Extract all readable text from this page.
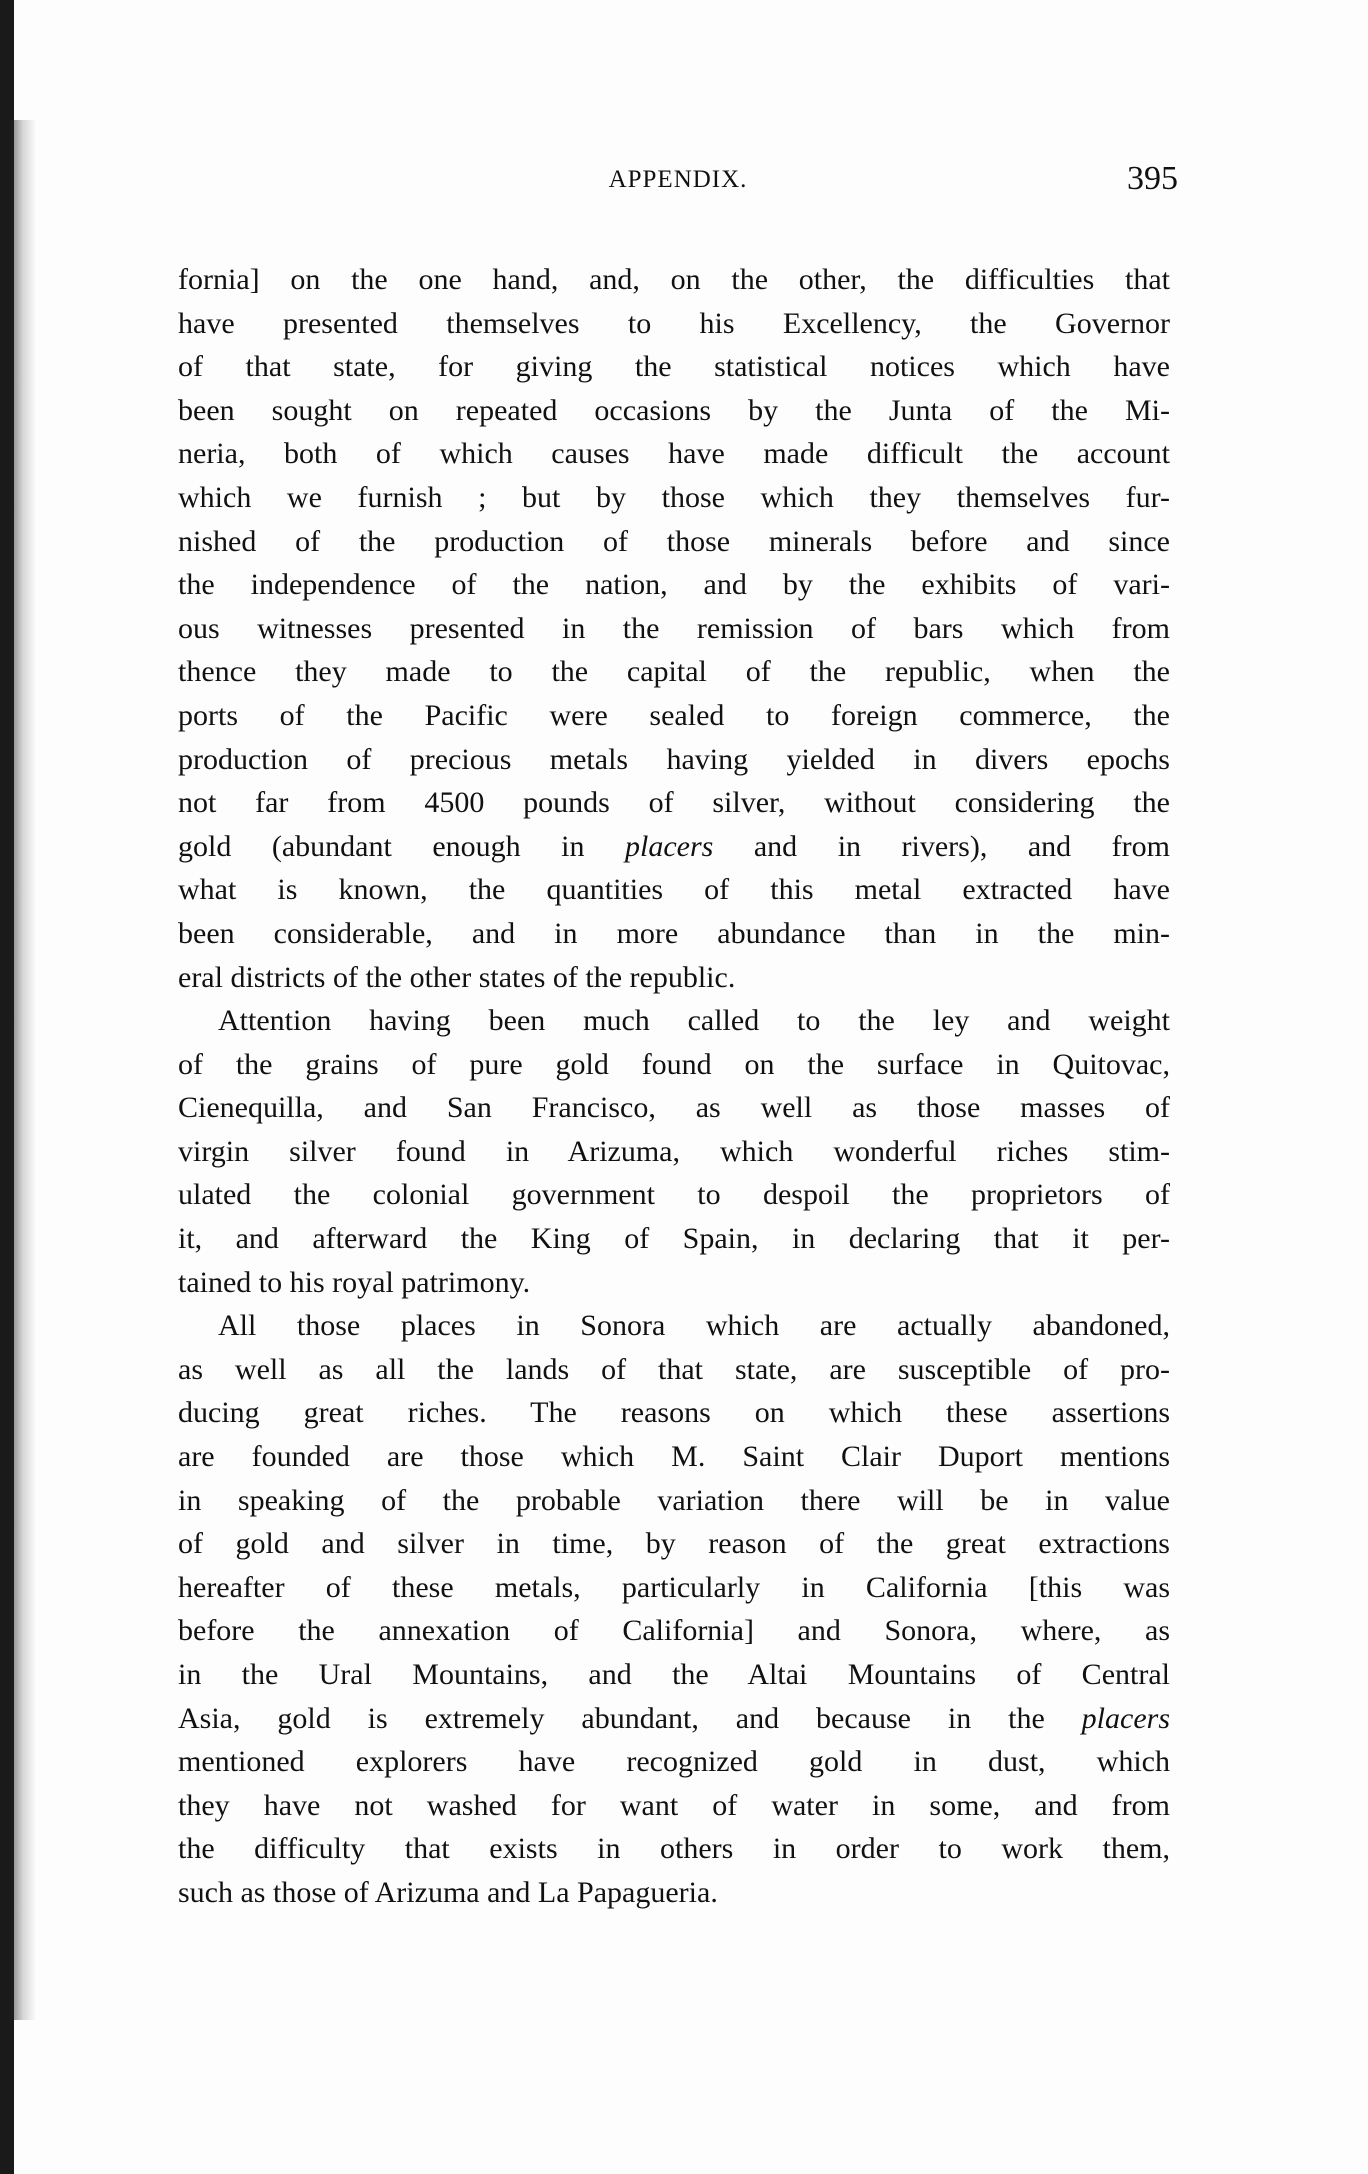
APPENDIX.	395
fornia] on the one hand, and, on the other, the difficulties that
have presented themselves to his Excellency, the Governor
of that state, for giving the statistical notices which have
been sought on repeated occasions by the Junta of the Mi-
neria, both of which causes have made difficult the account
which we furnish ; but by those which they themselves fur-
nished of the production of those minerals before and since
the independence of the nation, and by the exhibits of vari-
ous witnesses presented in the remission of bars which from
thence they made to the capital of the republic, when the
ports of the Pacific were sealed to foreign commerce, the
production of precious metals having yielded in divers epochs
not far from 4500 pounds of silver, without considering the
gold (abundant enough in placers and in rivers), and from
what is known, the quantities of this metal extracted have
been considerable, and in more abundance than in the min-
eral districts of the other states of the republic.
Attention having been much called to the ley and weight
of the grains of pure gold found on the surface in Quitovac,
Cienequilla, and San Francisco, as well as those masses of
virgin silver found in Arizuma, which wonderful riches stim-
ulated the colonial government to despoil the proprietors of
it, and afterward the King of Spain, in declaring that it per-
tained to his royal patrimony.
All those places in Sonora which are actually abandoned,
as well as all the lands of that state, are susceptible of pro-
ducing great riches. The reasons on which these assertions
are founded are those which M. Saint Clair Duport mentions
in speaking of the probable variation there will be in value
of gold and silver in time, by reason of the great extractions
hereafter of these metals, particularly in California [this was
before the annexation of California] and Sonora, where, as
in the Ural Mountains, and the Altai Mountains of Central
Asia, gold is extremely abundant, and because in the placers
mentioned explorers have recognized gold in dust, which
they have not washed for want of water in some, and from
the difficulty that exists in others in order to work them,
such as those of Arizuma and La Papagueria.
